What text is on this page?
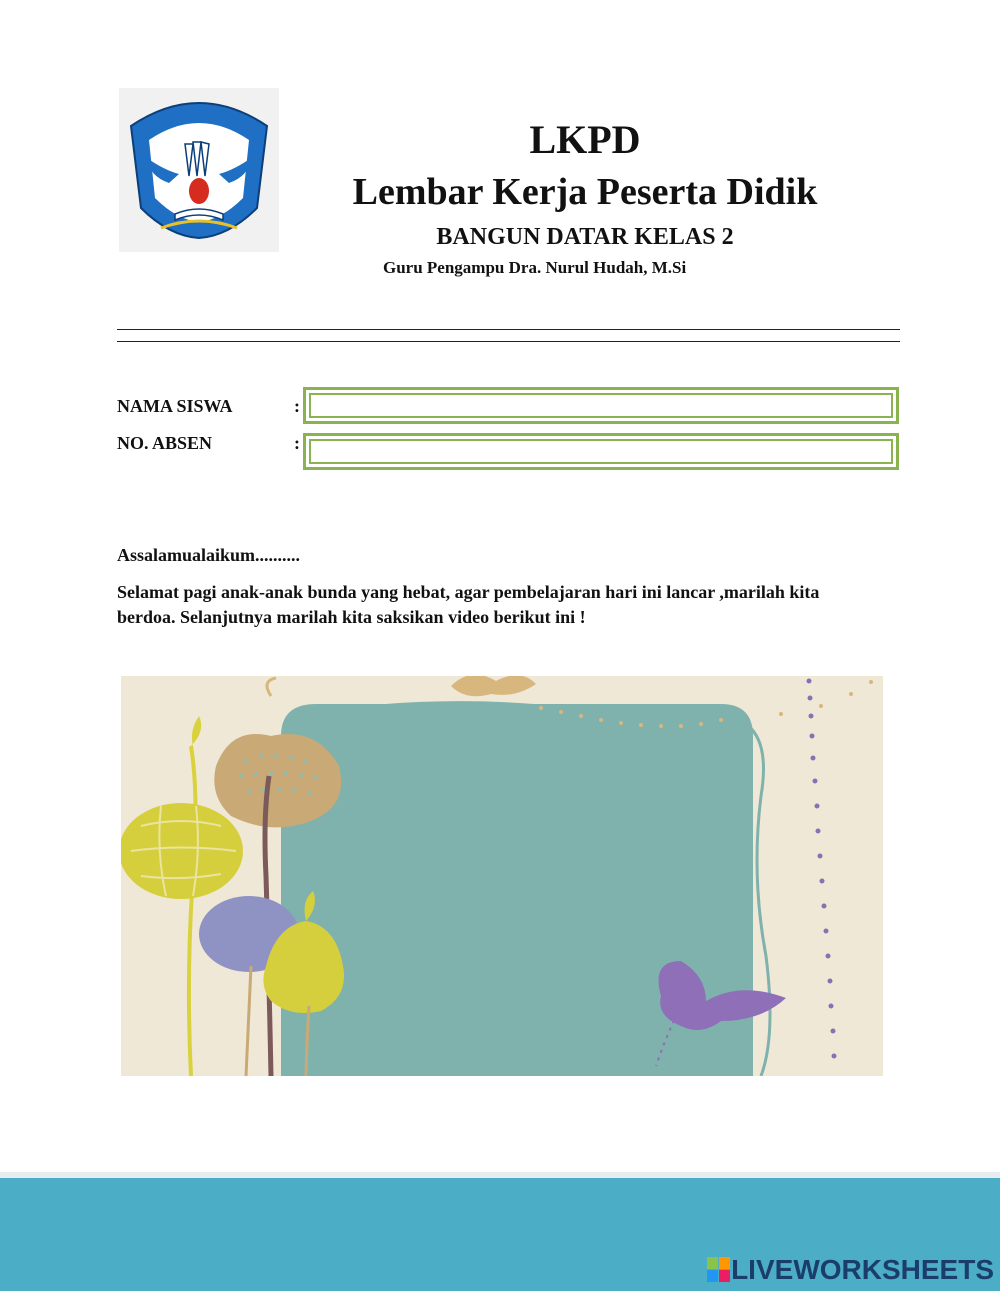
LKPD
Lembar Kerja Peserta Didik
BANGUN DATAR KELAS 2
Guru Pengampu Dra. Nurul Hudah, M.Si
NAMA SISWA	:
NO. ABSEN	:
Assalamualaikum..........
Selamat pagi anak-anak bunda yang hebat, agar pembelajaran hari ini lancar ,marilah kita berdoa. Selanjutnya marilah kita saksikan video berikut ini !
LIVEWORKSHEETS
